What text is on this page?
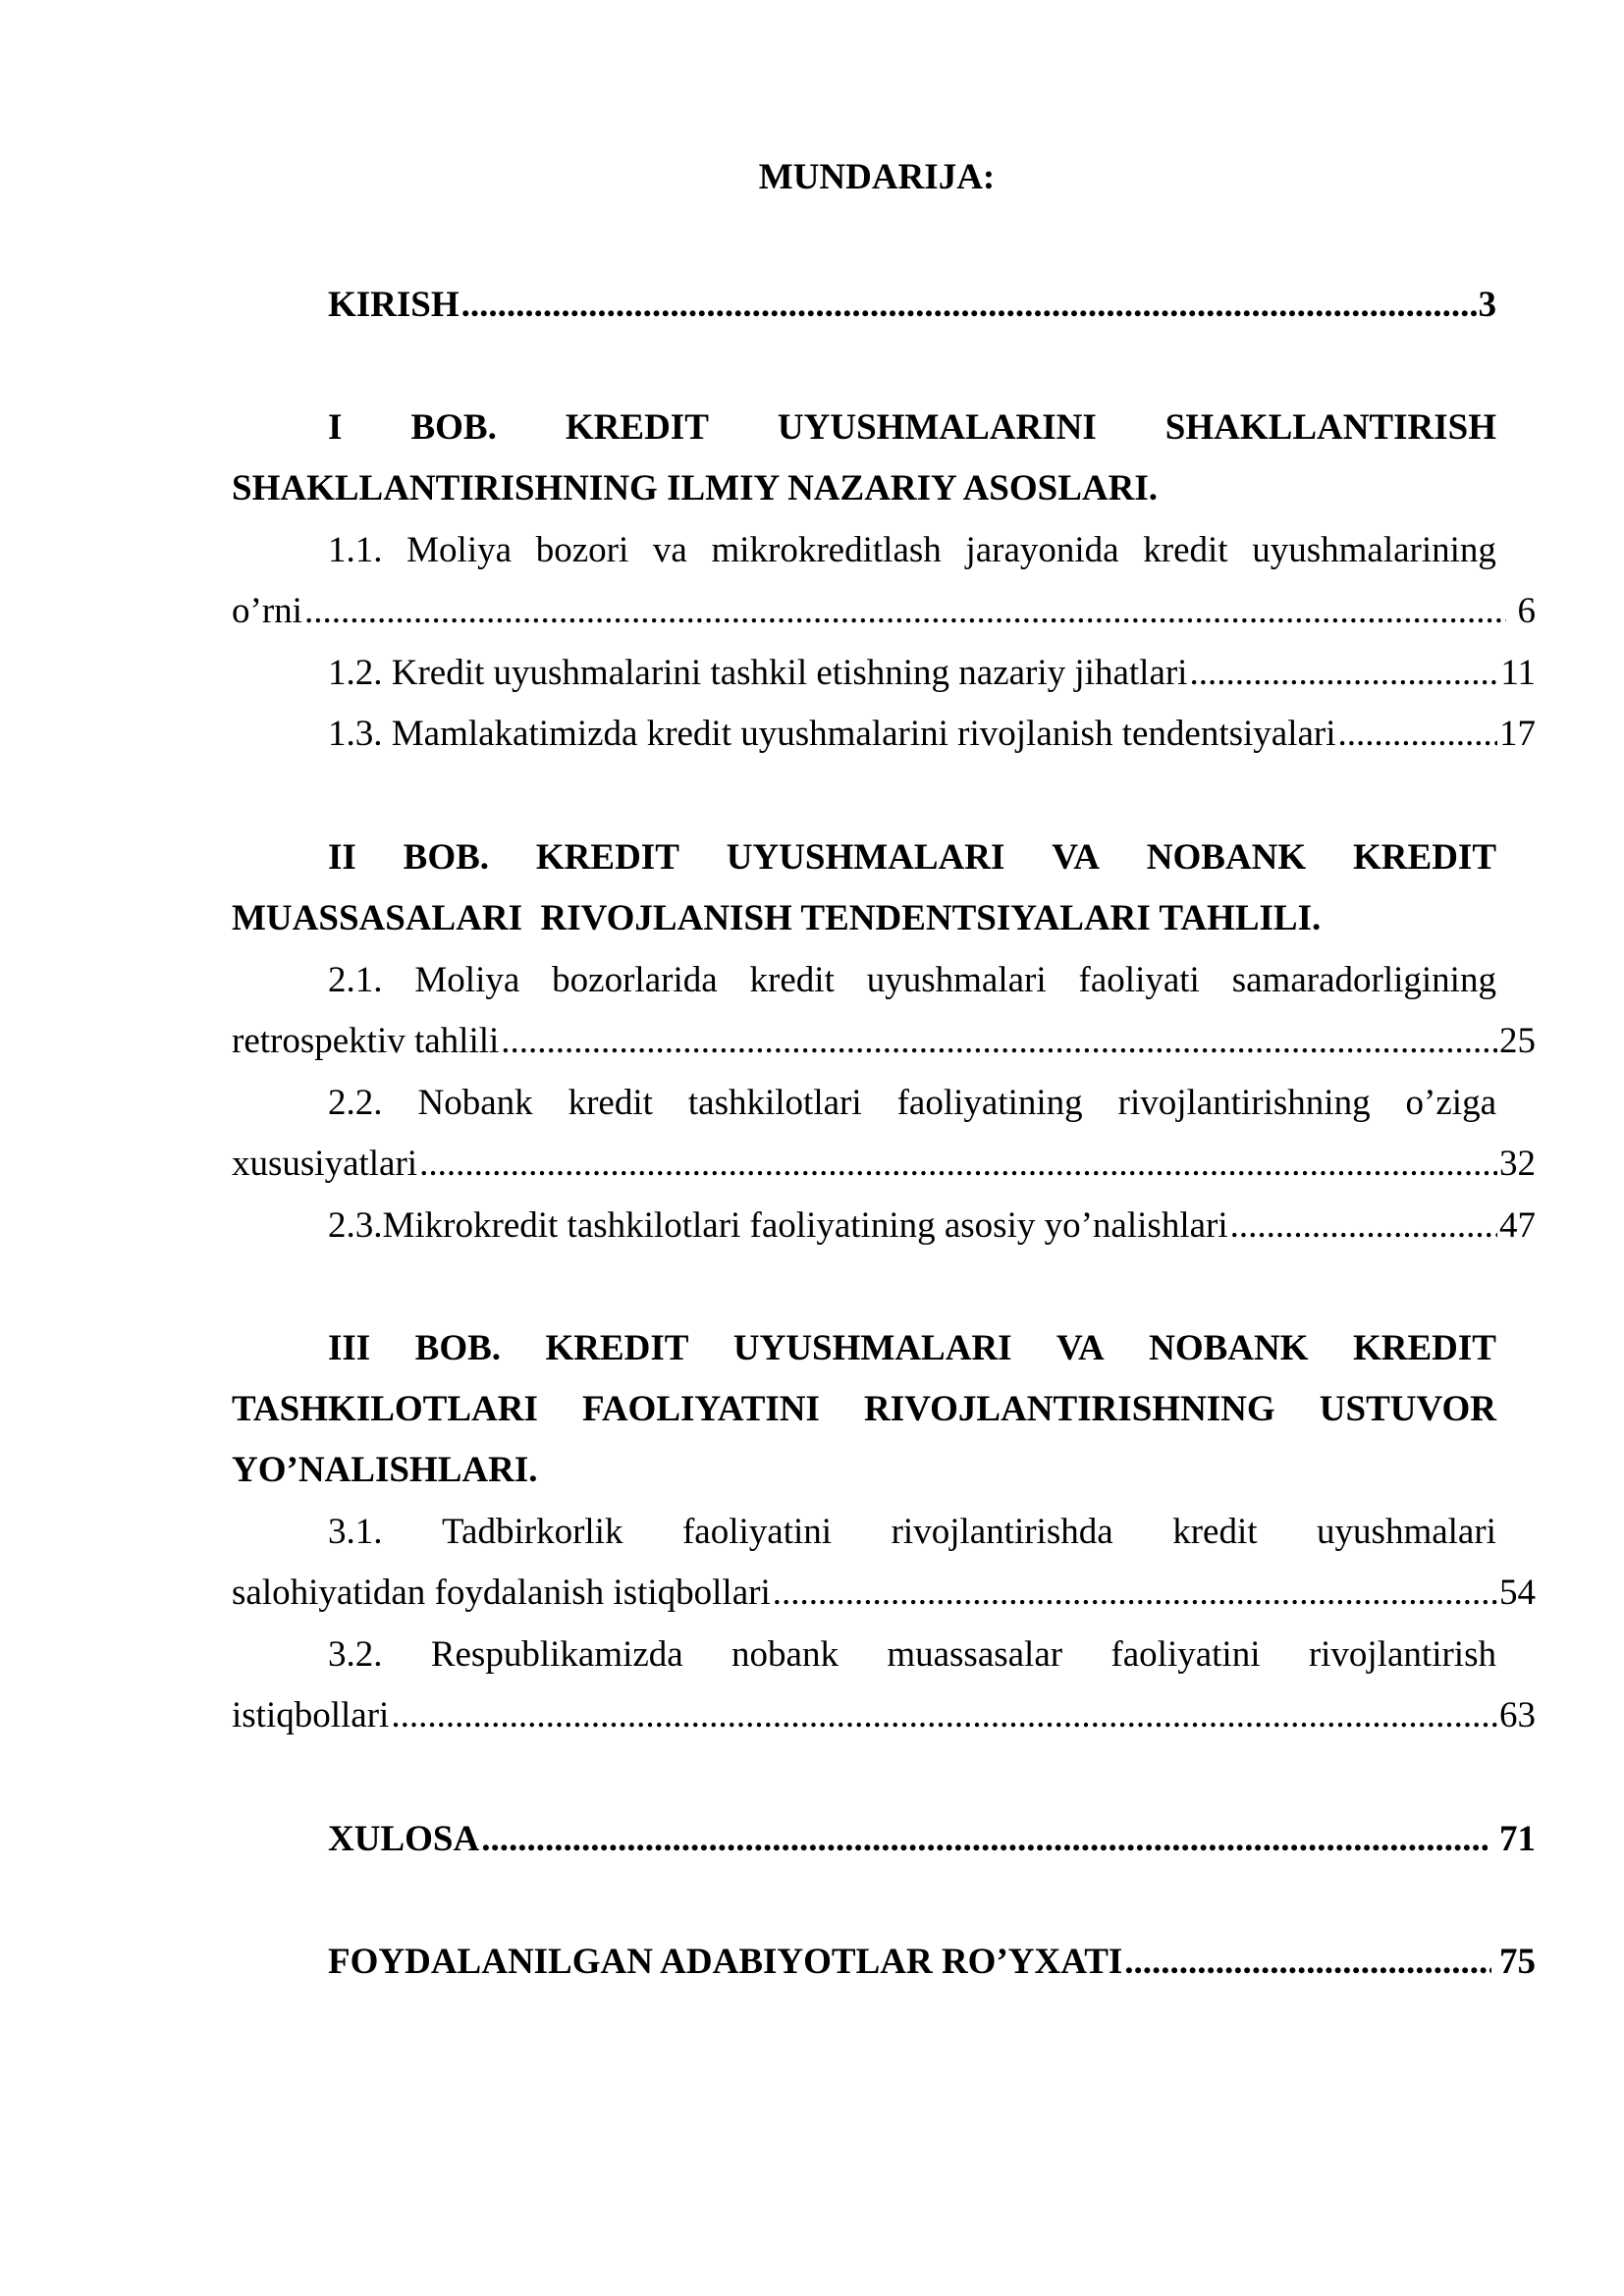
MUNDARIJA:
KIRISH .....	3
I BOB. KREDIT UYUSHMALARINI SHAKLLANTIRISH
SHAKLLANTIRISHNING ILMIY NAZARIY ASOSLARI.
1.1. Moliya bozori va mikrokreditlash jarayonida kredit uyushmalarining
o’rni .....	6
1.2. Kredit uyushmalarini tashkil etishning nazariy jihatlari .....	11
1.3. Mamlakatimizda kredit uyushmalarini rivojlanish tendentsiyalari .....	17
II BOB. KREDIT UYUSHMALARI VA NOBANK KREDIT
MUASSASALARI  RIVOJLANISH TENDENTSIYALARI TAHLILI.
2.1. Moliya bozorlarida kredit uyushmalari faoliyati samaradorligining
retrospektiv tahlili .....	25
2.2. Nobank kredit tashkilotlari faoliyatining rivojlantirishning o’ziga
xususiyatlari .....	32
2.3.Mikrokredit tashkilotlari faoliyatining asosiy yo’nalishlari .....	47
III BOB. KREDIT UYUSHMALARI VA NOBANK KREDIT
TASHKILOTLARI FAOLIYATINI RIVOJLANTIRISHNING USTUVOR
YO’NALISHLARI.
3.1. Tadbirkorlik faoliyatini rivojlantirishda kredit uyushmalari
salohiyatidan foydalanish istiqbollari .....	54
3.2. Respublikamizda nobank muassasalar faoliyatini rivojlantirish
istiqbollari .....	63
XULOSA .....	71
FOYDALANILGAN ADABIYOTLAR RO’YXATI .....	75
